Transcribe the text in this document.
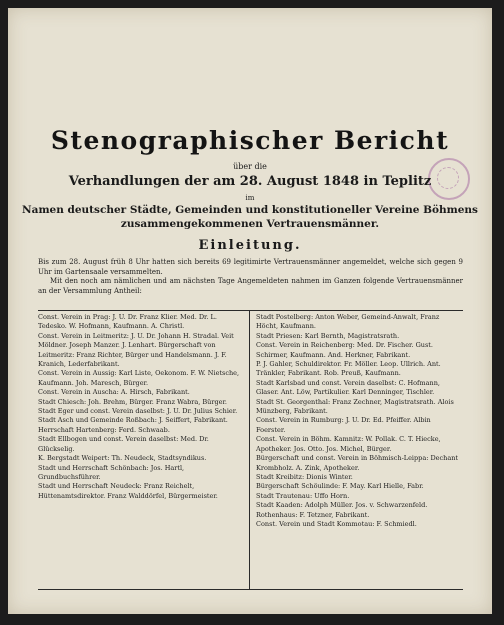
Stenographischer Bericht
über die
Verhandlungen der am 28. August 1848 in Teplitz
im
Namen deutscher Städte, Gemeinden und konstitutioneller Vereine Böhmens
zusammengekommenen Vertrauensmänner.
Einleitung.

Bis zum 28. August früh 8 Uhr hatten sich bereits 69 legitimirte Vertrauensmänner angemeldet, welche sich gegen 9 Uhr im Gartensaale versammelten.

Mit den noch am nämlichen und am nächsten Tage Angemeldeten nahmen im Ganzen folgende Vertrauensmänner an der Versammlung Antheil:

Const. Verein in Prag: J. U. Dr. Franz Klier. Med. Dr. L. Tedesko. W. Hofmann, Kaufmann. A. Christl.

Const. Verein in Leitmeritz: J. U. Dr. Johann H. Stradal. Veit Möldner. Joseph Manzer. J. Lenhart. Bürgerschaft von Leitmeritz: Franz Richter, Bürger und Handelsmann. J. F. Kranich, Lederfabrikant.

Const. Verein in Aussig: Karl Liste, Oekonom. F. W. Nietsche, Kaufmann. Joh. Maresch, Bürger.

Const. Verein in Auscha: A. Hirsch, Fabrikant.

Stadt Chiesch: Joh. Brehm, Bürger. Franz Wabra, Bürger.

Stadt Eger und const. Verein daselbst: J. U. Dr. Julius Schier.

Stadt Asch und Gemeinde Roßbach: J. Seiffert, Fabrikant.

Herrschaft Hartenberg: Ferd. Schwaab.

Stadt Ellbogen und const. Verein daselbst: Med. Dr. Glückselig.

K. Bergstadt Weipert: Th. Neudeck, Stadtsyndikus.

Stadt und Herrschaft Schönbach: Jos. Hartl, Grundbuchsführer.

Stadt und Herrschaft Neudeck: Franz Reichelt, Hüttenamtsdirektor. Franz Walddörfel, Bürgermeister.

Stadt Postelberg: Anton Weber, Gemeind-Anwalt, Franz Höcht, Kaufmann.

Stadt Priesen: Karl Bernth, Magistratsrath.

Const. Verein in Reichenberg: Med. Dr. Fischer. Gust. Schirmer, Kaufmann. And. Herkner, Fabrikant.

P. J. Gahler, Schuldirektor. Fr. Möller. Leop. Ullrich. Ant. Tränkler, Fabrikant. Rob. Preuß, Kaufmann.

Stadt Karlsbad und const. Verein daselbst: C. Hofmann, Glaser. Ant. Löw, Partikulier. Karl Denninger, Tischler.

Stadt St. Georgenthal: Franz Zechner, Magistratsrath. Alois Münzberg, Fabrikant.

Const. Verein in Rumburg: J. U. Dr. Ed. Pfeiffer. Albin Foerster.

Const. Verein in Böhm. Kamnitz: W. Pollak. C. T. Hiecke, Apotheker. Jos. Otto. Jos. Michel, Bürger.

Bürgerschaft und const. Verein in Böhmisch-Leippa: Dechant Krombholz. A. Zink, Apotheker.

Stadt Kreibitz: Dionis Winter.

Bürgerschaft Schöulinde: F. May. Karl Hielle, Fabr.

Stadt Trautenau: Uffo Horn.

Stadt Kaaden: Adolph Müller. Jos. v. Schwarzenfeld.

Rothenhaus: F. Tetzner, Fabrikant.

Const. Verein und Stadt Kommotau: F. Schmiedl.
